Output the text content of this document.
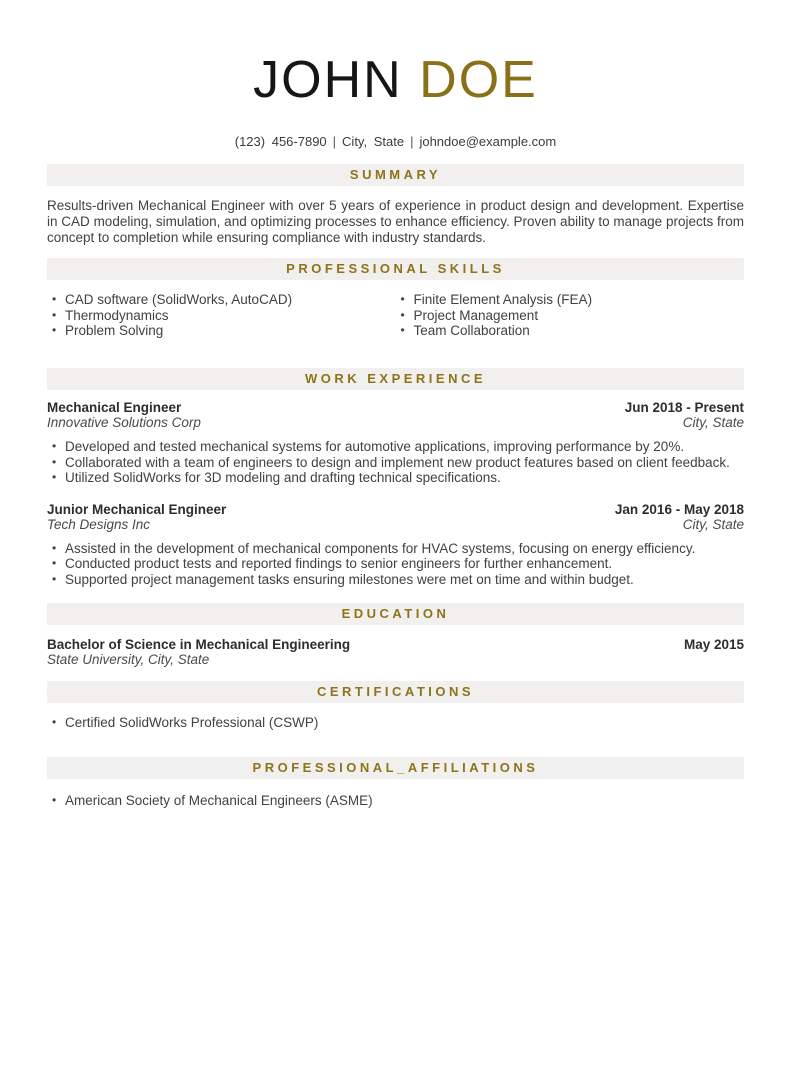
JOHN DOE
(123) 456-7890 | City, State | johndoe@example.com
SUMMARY

Results-driven Mechanical Engineer with over 5 years of experience in product design and development. Expertise in CAD modeling, simulation, and optimizing processes to enhance efficiency. Proven ability to manage projects from concept to completion while ensuring compliance with industry standards.

PROFESSIONAL SKILLS
• CAD software (SolidWorks, AutoCAD)
• Thermodynamics
• Problem Solving
• Finite Element Analysis (FEA)
• Project Management
• Team Collaboration
WORK EXPERIENCE
Mechanical Engineer	Jun 2018 - Present
Innovative Solutions Corp	City, State
• Developed and tested mechanical systems for automotive applications, improving performance by 20%.
• Collaborated with a team of engineers to design and implement new product features based on client feedback.
• Utilized SolidWorks for 3D modeling and drafting technical specifications.
Junior Mechanical Engineer	Jan 2016 - May 2018
Tech Designs Inc	City, State
• Assisted in the development of mechanical components for HVAC systems, focusing on energy efficiency.
• Conducted product tests and reported findings to senior engineers for further enhancement.
• Supported project management tasks ensuring milestones were met on time and within budget.
EDUCATION
Bachelor of Science in Mechanical Engineering	May 2015
State University, City, State
CERTIFICATIONS
• Certified SolidWorks Professional (CSWP)
PROFESSIONAL_AFFILIATIONS
• American Society of Mechanical Engineers (ASME)
